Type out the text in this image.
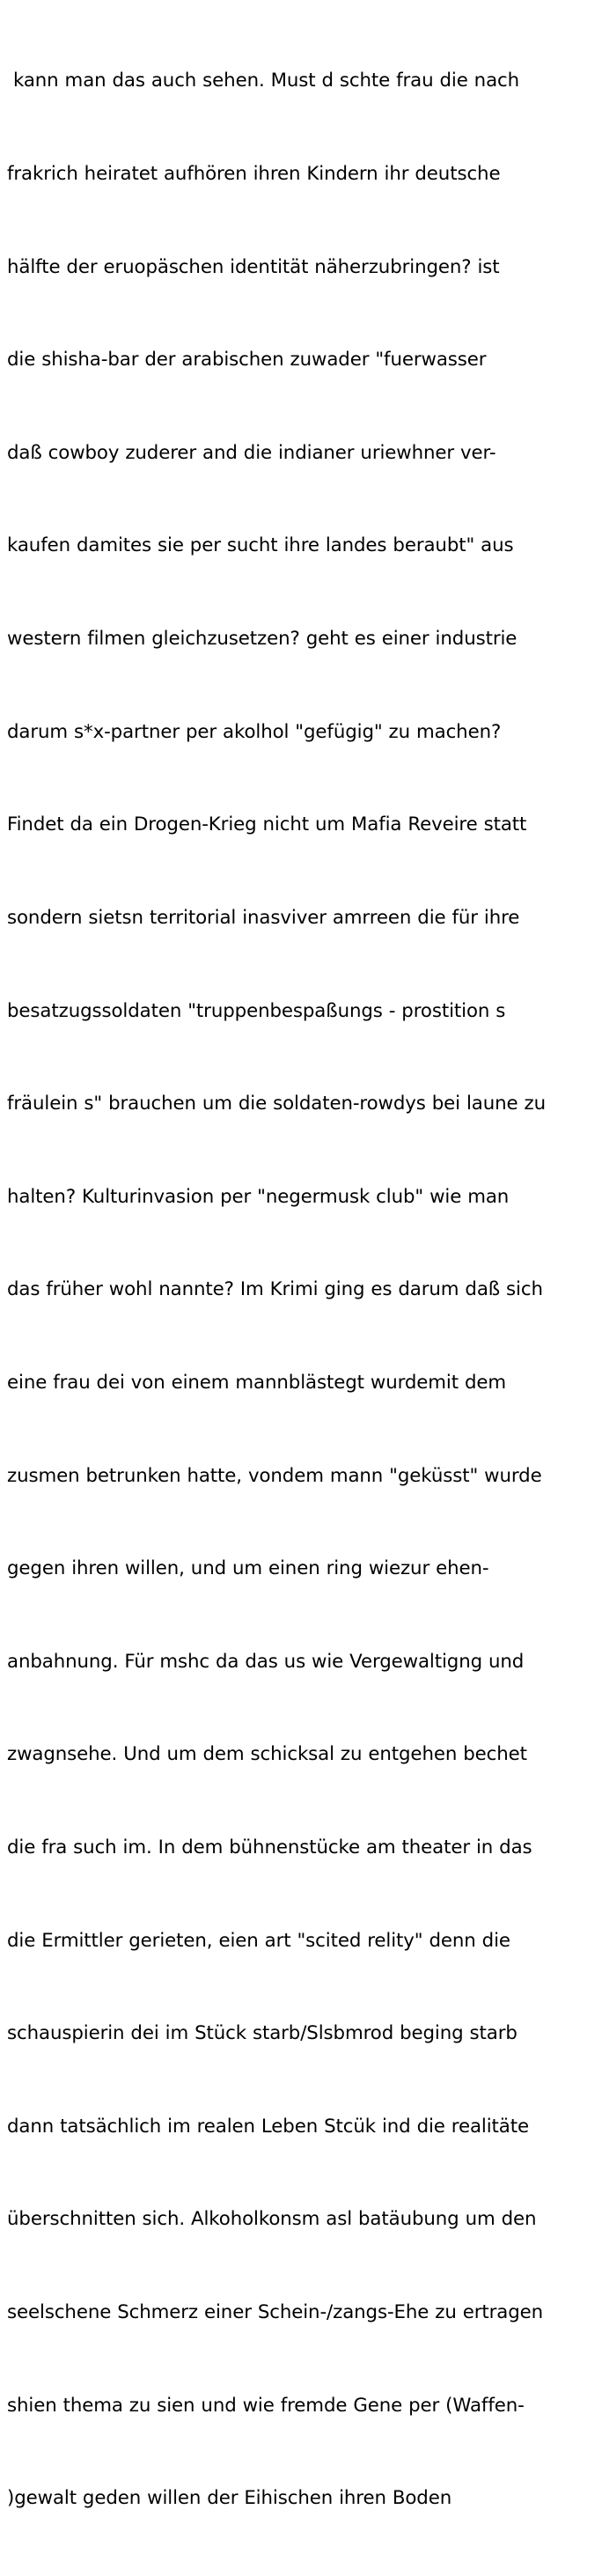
kann man das auch sehen. Must d schte frau die nach

frakrich heiratet aufhören ihren Kindern ihr deutsche

hälfte der eruopäschen identität näherzubringen? ist

die shisha-bar der arabischen zuwader "fuerwasser

daß cowboy zuderer and die indianer uriewhner ver-

kaufen damites sie per sucht ihre landes beraubt" aus

western filmen gleichzusetzen? geht es einer industrie

darum s*x-partner per akolhol "gefügig" zu machen?

Findet da ein Drogen-Krieg nicht um Mafia Reveire statt

sondern sietsn territorial inasviver amrreen die für ihre

besatzugssoldaten "truppenbespaßungs - prostition s

fräulein s" brauchen um die soldaten-rowdys bei laune zu

halten? Kulturinvasion per "negermusk club" wie man

das früher wohl nannte? Im Krimi ging es darum daß sich

eine frau dei von einem mannblästegt wurdemit dem

zusmen betrunken hatte, vondem mann "geküsst" wurde

gegen ihren willen, und um einen ring wiezur ehen-

anbahnung. Für mshc da das us wie Vergewaltigng und

zwagnsehe. Und um dem schicksal zu entgehen bechet

die fra such im. In dem bühnenstücke am theater in das

die Ermittler gerieten, eien art "scited relity" denn die

schauspierin dei im Stück starb/Slsbmrod beging starb

dann tatsächlich im realen Leben Stcük ind die realitäte

überschnitten sich. Alkoholkonsm asl batäubung um den

seelschene Schmerz einer Schein-/zangs-Ehe zu ertragen

shien thema zu sien und wie fremde Gene per (Waffen-

)gewalt geden willen der Eihischen ihren Boden
